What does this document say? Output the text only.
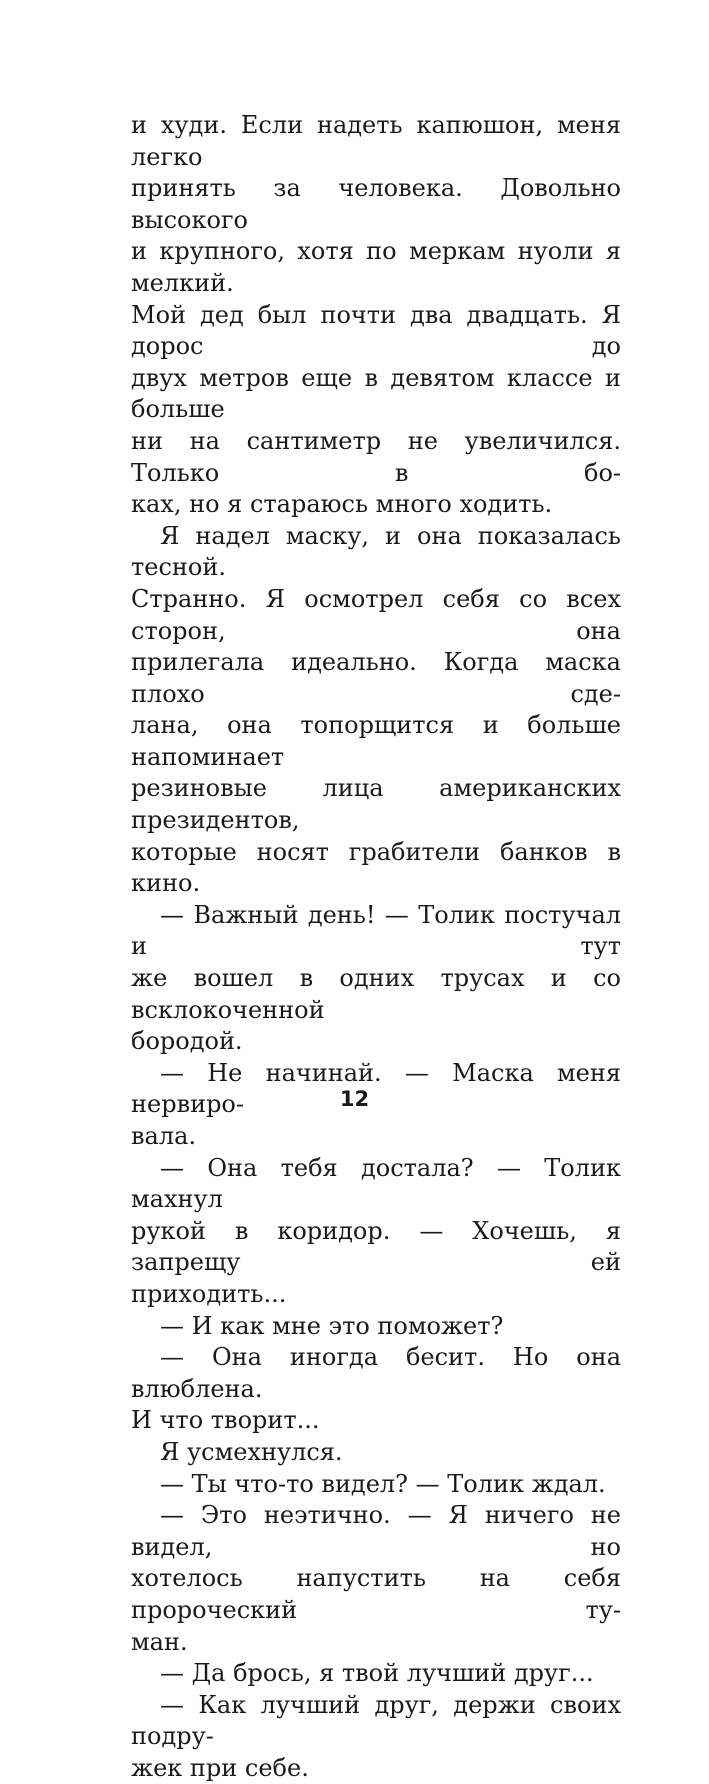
и худи. Если надеть капюшон, меня легко

принять за человека. Довольно высокого

и крупного, хотя по меркам нуоли я мелкий.

Мой дед был почти два двадцать. Я дорос до

двух метров еще в девятом классе и больше

ни на сантиметр не увеличился. Только в бо-

ках, но я стараюсь много ходить.

Я надел маску, и она показалась тесной.

Странно. Я осмотрел себя со всех сторон, она

прилегала идеально. Когда маска плохо сде-

лана, она топорщится и больше напоминает

резиновые лица американских президентов,

которые носят грабители банков в кино.

— Важный день! — Толик постучал и тут

же вошел в одних трусах и со всклокоченной

бородой.

— Не начинай. — Маска меня нервиро-

вала.

— Она тебя достала? — Толик махнул

рукой в коридор. — Хочешь, я запрещу ей

приходить...

— И как мне это поможет?

— Она иногда бесит. Но она влюблена.

И что творит...

Я усмехнулся.

— Ты что-то видел? — Толик ждал.

— Это неэтично. — Я ничего не видел, но

хотелось напустить на себя пророческий ту-

ман.

— Да брось, я твой лучший друг...

— Как лучший друг, держи своих подру-

жек при себе.

12
